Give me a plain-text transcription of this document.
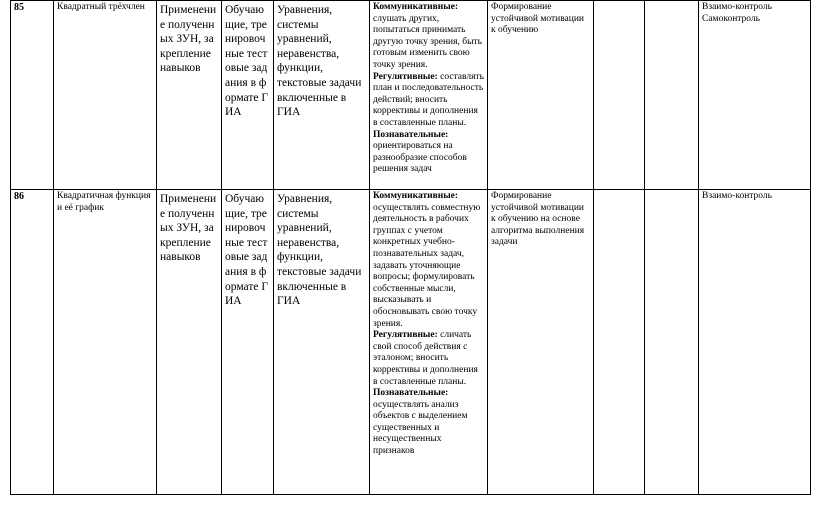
85	Квадратный трёхчлен	Применение полученных ЗУН, закрепление навыков	Обучающие, тренировочные тестовые задания в формате ГИА	Уравнения, системы уравнений, неравенства, функции, текстовые задачи включенные в ГИА	Коммуникативные: слушать других, попытаться принимать другую точку зрения, быть готовым изменить свою точку зрения.
Регулятивные: составлять план и последовательность действий; вносить коррективы и дополнения в составленные планы.
Познавательные: ориентироваться на разнообразие способов решения задач	Формирование устойчивой мотивации к обучению			Взаимо-контроль Самоконтроль
86	Квадратичная функция и её график	Применение полученных ЗУН, закрепление навыков	Обучающие, тренировочные тестовые задания в формате ГИА	Уравнения, системы уравнений, неравенства, функции, текстовые задачи включенные в ГИА	Коммуникативные: осуществлять совместную деятельность в рабочих группах с учетом конкретных учебно-познавательных задач, задавать уточняющие вопросы; формулировать собственные мысли, высказывать и обосновывать свою точку зрения.
Регулятивные: сличать свой способ действия с эталоном; вносить коррективы и дополнения в составленные планы.
Познавательные: осуществлять анализ объектов с выделением существенных и несущественных признаков	Формирование устойчивой мотивации к обучению на основе алгоритма выполнения задачи			Взаимо-контроль
